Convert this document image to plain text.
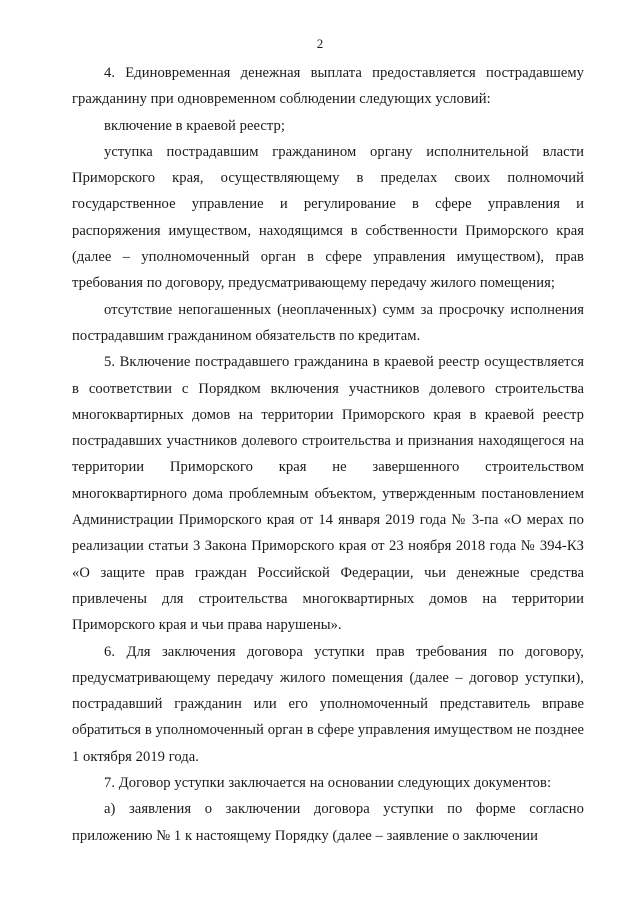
2

4. Единовременная денежная выплата предоставляется пострадавшему гражданину при одновременном соблюдении следующих условий:

включение в краевой реестр;

уступка пострадавшим гражданином органу исполнительной власти Приморского края, осуществляющему в пределах своих полномочий государственное управление и регулирование в сфере управления и распоряжения имуществом, находящимся в собственности Приморского края (далее – уполномоченный орган в сфере управления имуществом), прав требования по договору, предусматривающему передачу жилого помещения;

отсутствие непогашенных (неоплаченных) сумм за просрочку исполнения пострадавшим гражданином обязательств по кредитам.

5. Включение пострадавшего гражданина в краевой реестр осуществляется в соответствии с Порядком включения участников долевого строительства многоквартирных домов на территории Приморского края в краевой реестр пострадавших участников долевого строительства и признания находящегося на территории Приморского края не завершенного строительством многоквартирного дома проблемным объектом, утвержденным постановлением Администрации Приморского края от 14 января 2019 года № 3-па «О мерах по реализации статьи 3 Закона Приморского края от 23 ноября 2018 года № 394-КЗ «О защите прав граждан Российской Федерации, чьи денежные средства привлечены для строительства многоквартирных домов на территории Приморского края и чьи права нарушены».

6. Для заключения договора уступки прав требования по договору, предусматривающему передачу жилого помещения (далее – договор уступки), пострадавший гражданин или его уполномоченный представитель вправе обратиться в уполномоченный орган в сфере управления имуществом не позднее 1 октября 2019 года.

7. Договор уступки заключается на основании следующих документов:

а) заявления о заключении договора уступки по форме согласно приложению № 1 к настоящему Порядку (далее – заявление о заключении
